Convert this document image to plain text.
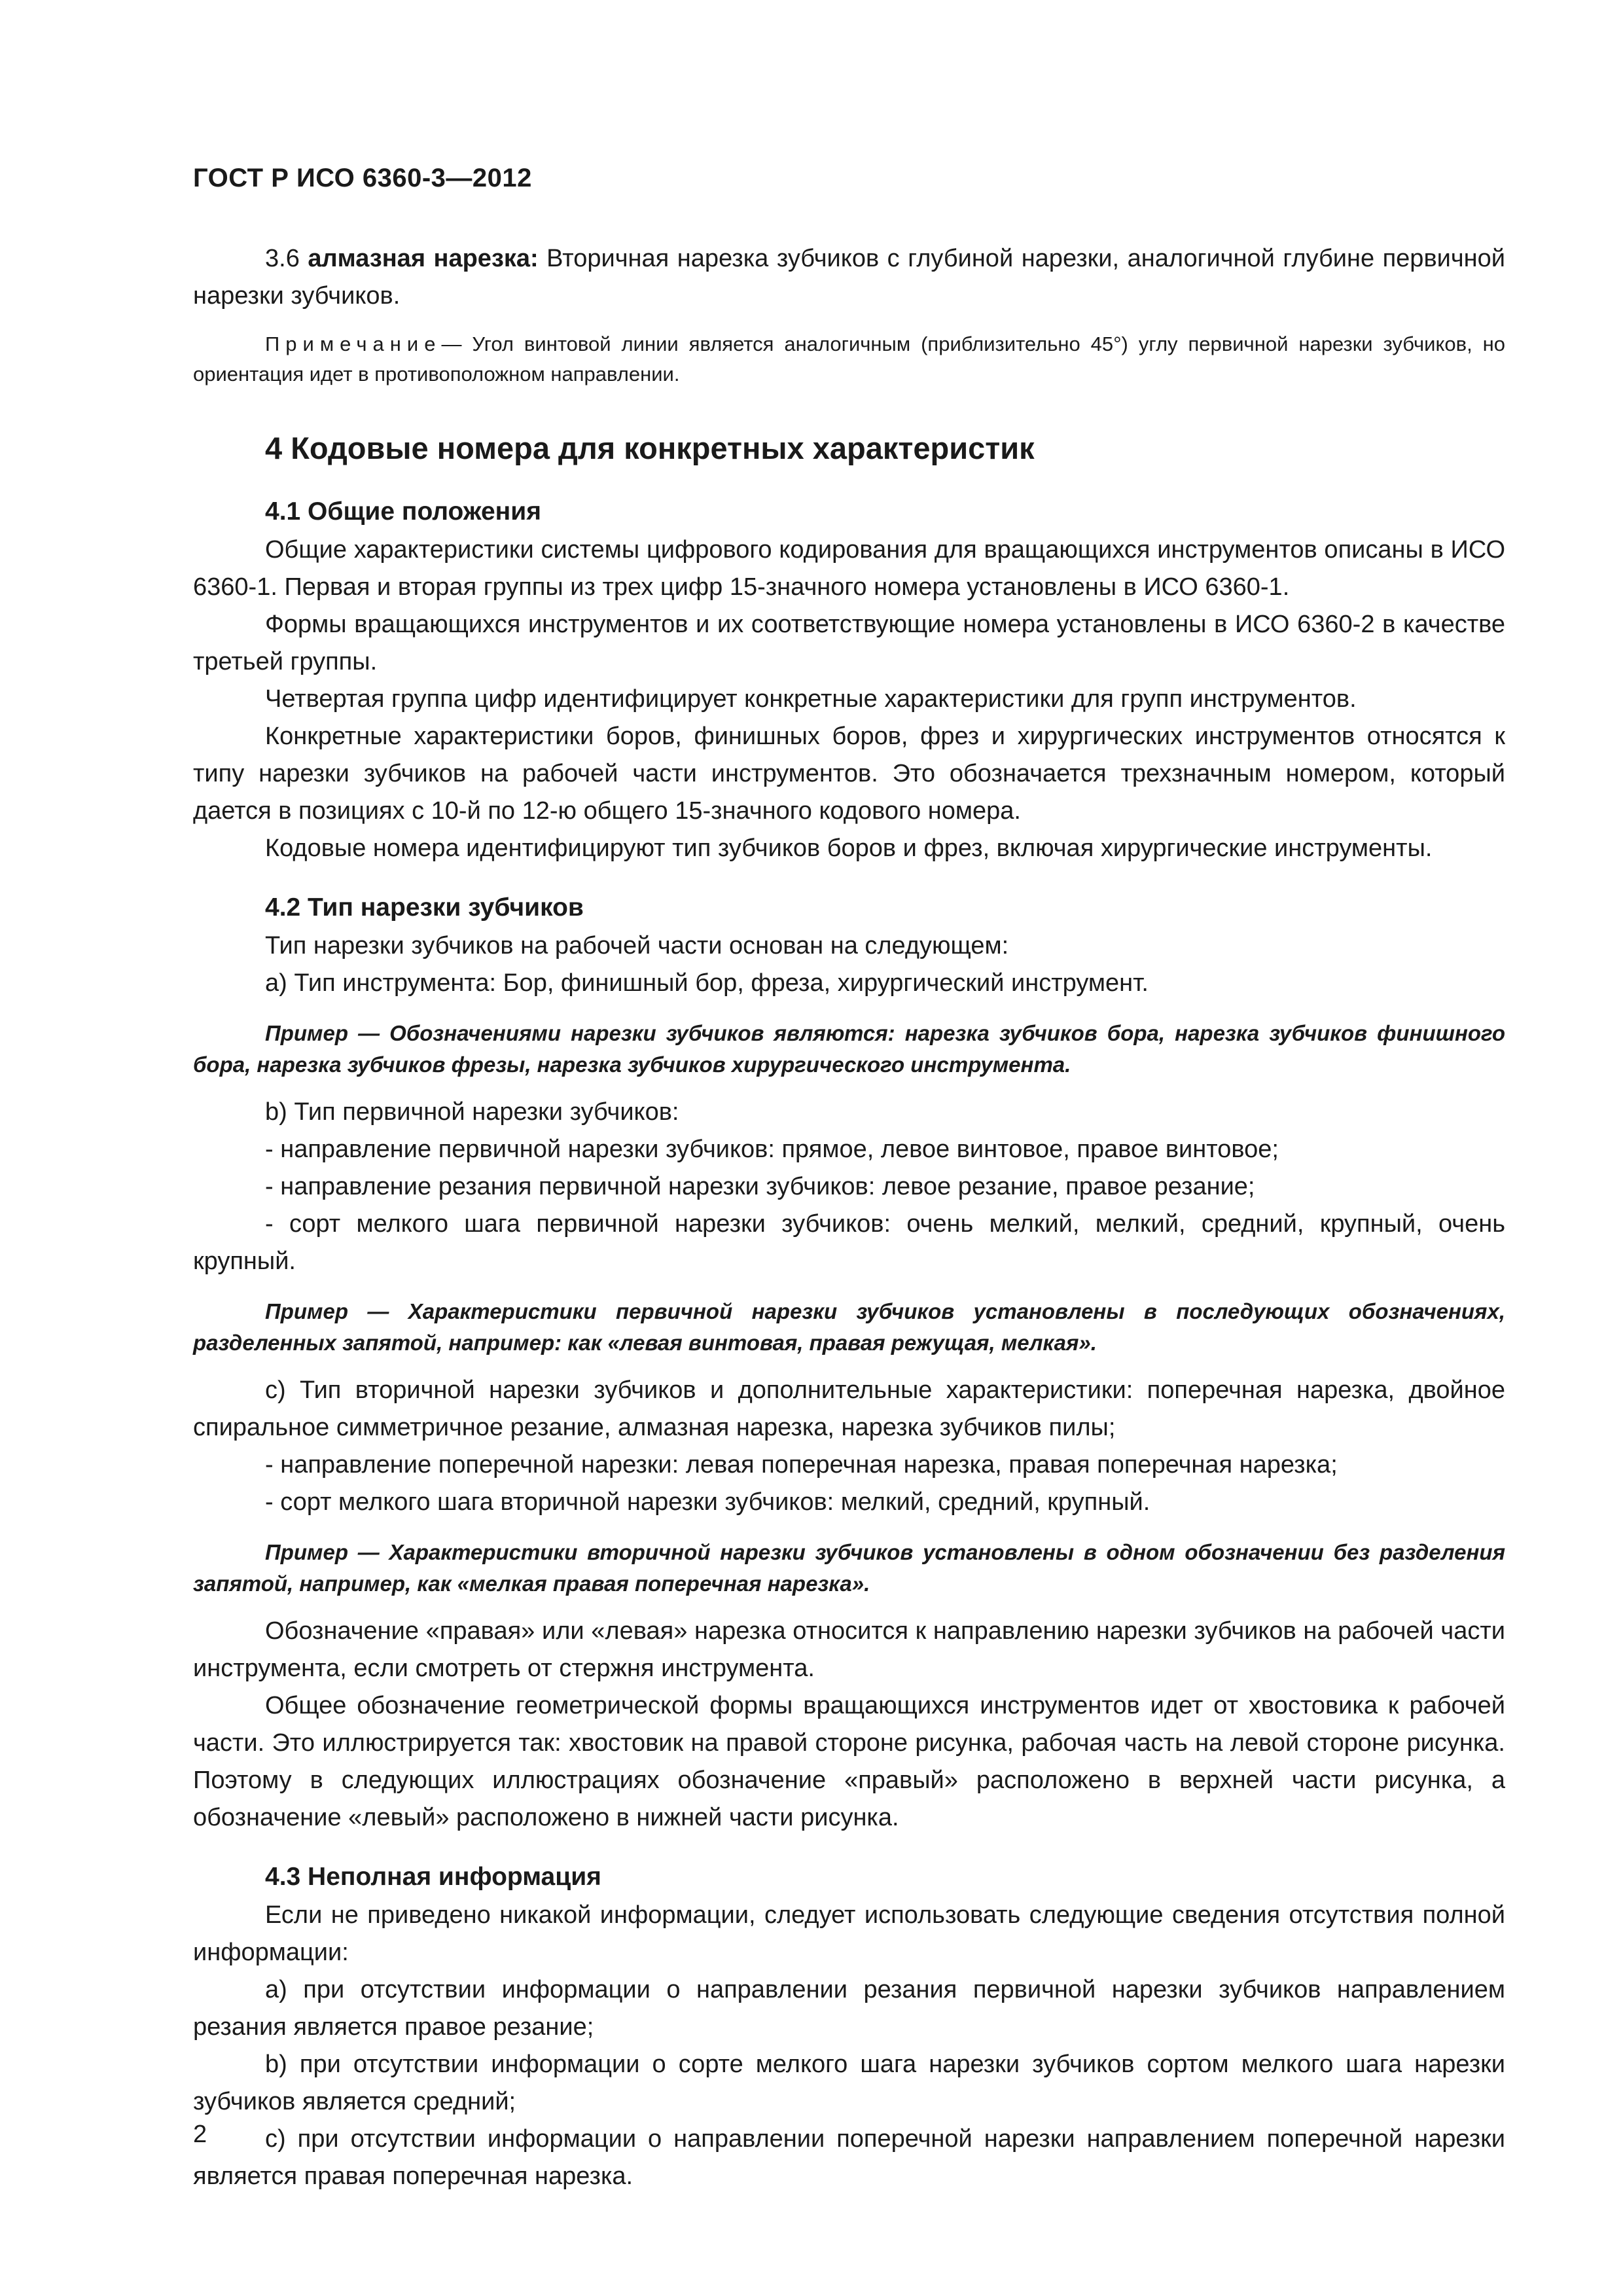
ГОСТ Р ИСО 6360-3—2012

3.6 алмазная нарезка: Вторичная нарезка зубчиков с глубиной нарезки, аналогичной глубине первичной нарезки зубчиков.

Примечание— Угол винтовой линии является аналогичным (приблизительно 45°) углу первичной нарезки зубчиков, но ориентация идет в противоположном направлении.

4 Кодовые номера для конкретных характеристик
4.1 Общие положения

Общие характеристики системы цифрового кодирования для вращающихся инструментов описаны в ИСО 6360-1. Первая и вторая группы из трех цифр 15-значного номера установлены в ИСО 6360-1.

Формы вращающихся инструментов и их соответствующие номера установлены в ИСО 6360-2 в качестве третьей группы.

Четвертая группа цифр идентифицирует конкретные характеристики для групп инструментов.

Конкретные характеристики боров, финишных боров, фрез и хирургических инструментов относятся к типу нарезки зубчиков на рабочей части инструментов. Это обозначается трехзначным номером, который дается в позициях с 10-й по 12-ю общего 15-значного кодового номера.

Кодовые номера идентифицируют тип зубчиков боров и фрез, включая хирургические инструменты.

4.2 Тип нарезки зубчиков

Тип нарезки зубчиков на рабочей части основан на следующем:

a) Тип инструмента: Бор, финишный бор, фреза, хирургический инструмент.

Пример — Обозначениями нарезки зубчиков являются: нарезка зубчиков бора, нарезка зубчиков финишного бора, нарезка зубчиков фрезы, нарезка зубчиков хирургического инструмента.

b) Тип первичной нарезки зубчиков:

- направление первичной нарезки зубчиков: прямое, левое винтовое, правое винтовое;

- направление резания первичной нарезки зубчиков: левое резание, правое резание;

- сорт мелкого шага первичной нарезки зубчиков: очень мелкий, мелкий, средний, крупный, очень крупный.

Пример — Характеристики первичной нарезки зубчиков установлены в последующих обозначениях, разделенных запятой, например: как «левая винтовая, правая режущая, мелкая».

c) Тип вторичной нарезки зубчиков и дополнительные характеристики: поперечная нарезка, двойное спиральное симметричное резание, алмазная нарезка, нарезка зубчиков пилы;

- направление поперечной нарезки: левая поперечная нарезка, правая поперечная нарезка;

- сорт мелкого шага вторичной нарезки зубчиков: мелкий, средний, крупный.

Пример — Характеристики вторичной нарезки зубчиков установлены в одном обозначении без разделения запятой, например, как «мелкая правая поперечная нарезка».

Обозначение «правая» или «левая» нарезка относится к направлению нарезки зубчиков на рабочей части инструмента, если смотреть от стержня инструмента.

Общее обозначение геометрической формы вращающихся инструментов идет от хвостовика к рабочей части. Это иллюстрируется так: хвостовик на правой стороне рисунка, рабочая часть на левой стороне рисунка. Поэтому в следующих иллюстрациях обозначение «правый» расположено в верхней части рисунка, а обозначение «левый» расположено в нижней части рисунка.

4.3 Неполная информация

Если не приведено никакой информации, следует использовать следующие сведения отсутствия полной информации:

a) при отсутствии информации о направлении резания первичной нарезки зубчиков направлением резания является правое резание;

b) при отсутствии информации о сорте мелкого шага нарезки зубчиков сортом мелкого шага нарезки зубчиков является средний;

c) при отсутствии информации о направлении поперечной нарезки направлением поперечной нарезки является правая поперечная нарезка.

2
